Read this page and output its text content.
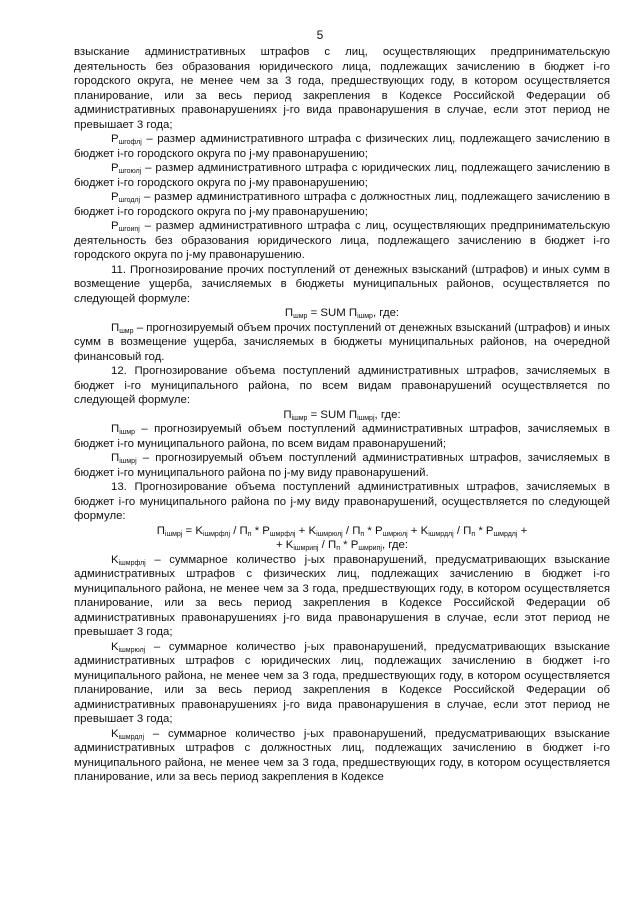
5

взыскание административных штрафов с лиц, осуществляющих предпринимательскую деятельность без образования юридического лица, подлежащих зачислению в бюджет i-го городского округа, не менее чем за 3 года, предшествующих году, в котором осуществляется планирование, или за весь период закрепления в Кодексе Российской Федерации об административных правонарушениях j-го вида правонарушения в случае, если этот период не превышает 3 года;

$P_{шгофлj}$ – размер административного штрафа с физических лиц, подлежащего зачислению в бюджет i-го городского округа по j-му правонарушению;

$P_{шгоюлj}$ – размер административного штрафа с юридических лиц, подлежащего зачислению в бюджет i-го городского округа по j-му правонарушению;

$P_{шгодлj}$ – размер административного штрафа с должностных лиц, подлежащего зачислению в бюджет i-го городского округа по j-му правонарушению;

$P_{шгоипj}$ – размер административного штрафа с лиц, осуществляющих предпринимательскую деятельность без образования юридического лица, подлежащего зачислению в бюджет i-го городского округа по j-му правонарушению.

11. Прогнозирование прочих поступлений от денежных взысканий (штрафов) и иных сумм в возмещение ущерба, зачисляемых в бюджеты муниципальных районов, осуществляется по следующей формуле:

$П_{шмр}$ = SUM $П_{iшмр}$, где:

$П_{шмр}$ – прогнозируемый объем прочих поступлений от денежных взысканий (штрафов) и иных сумм в возмещение ущерба, зачисляемых в бюджеты муниципальных районов, на очередной финансовый год.

12. Прогнозирование объема поступлений административных штрафов, зачисляемых в бюджет i-го муниципального района, по всем видам правонарушений осуществляется по следующей формуле:

$П_{iшмр}$ = SUM $П_{iшмрj}$, где:

$П_{iшмр}$ – прогнозируемый объем поступлений административных штрафов, зачисляемых в бюджет i-го муниципального района, по всем видам правонарушений;

$П_{iшмрj}$ – прогнозируемый объем поступлений административных штрафов, зачисляемых в бюджет i-го муниципального района по j-му виду правонарушений.

13. Прогнозирование объема поступлений административных штрафов, зачисляемых в бюджет i-го муниципального района по j-му виду правонарушений, осуществляется по следующей формуле:

$П_{iшмрj} = K_{iшмрфлj} / П_п * P_{шмрфлj} + K_{iшмрюлj} / П_п * P_{шмрюлj} + K_{iшмрдлj} / П_п * P_{шмрдлj}$ +

+ $K_{iшмрипj} / П_п * P_{шмрипj}$, где:

$K_{iшмрфлj}$ – суммарное количество j-ых правонарушений, предусматривающих взыскание административных штрафов с физических лиц, подлежащих зачислению в бюджет i-го муниципального района, не менее чем за 3 года, предшествующих году, в котором осуществляется планирование, или за весь период закрепления в Кодексе Российской Федерации об административных правонарушениях j-го вида правонарушения в случае, если этот период не превышает 3 года;

$K_{iшмрюлj}$ – суммарное количество j-ых правонарушений, предусматривающих взыскание административных штрафов с юридических лиц, подлежащих зачислению в бюджет i-го муниципального района, не менее чем за 3 года, предшествующих году, в котором осуществляется планирование, или за весь период закрепления в Кодексе Российской Федерации об административных правонарушениях j-го вида правонарушения в случае, если этот период не превышает 3 года;

$K_{iшмрдлj}$ – суммарное количество j-ых правонарушений, предусматривающих взыскание административных штрафов с должностных лиц, подлежащих зачислению в бюджет i-го муниципального района, не менее чем за 3 года, предшествующих году, в котором осуществляется планирование, или за весь период закрепления в Кодексе
